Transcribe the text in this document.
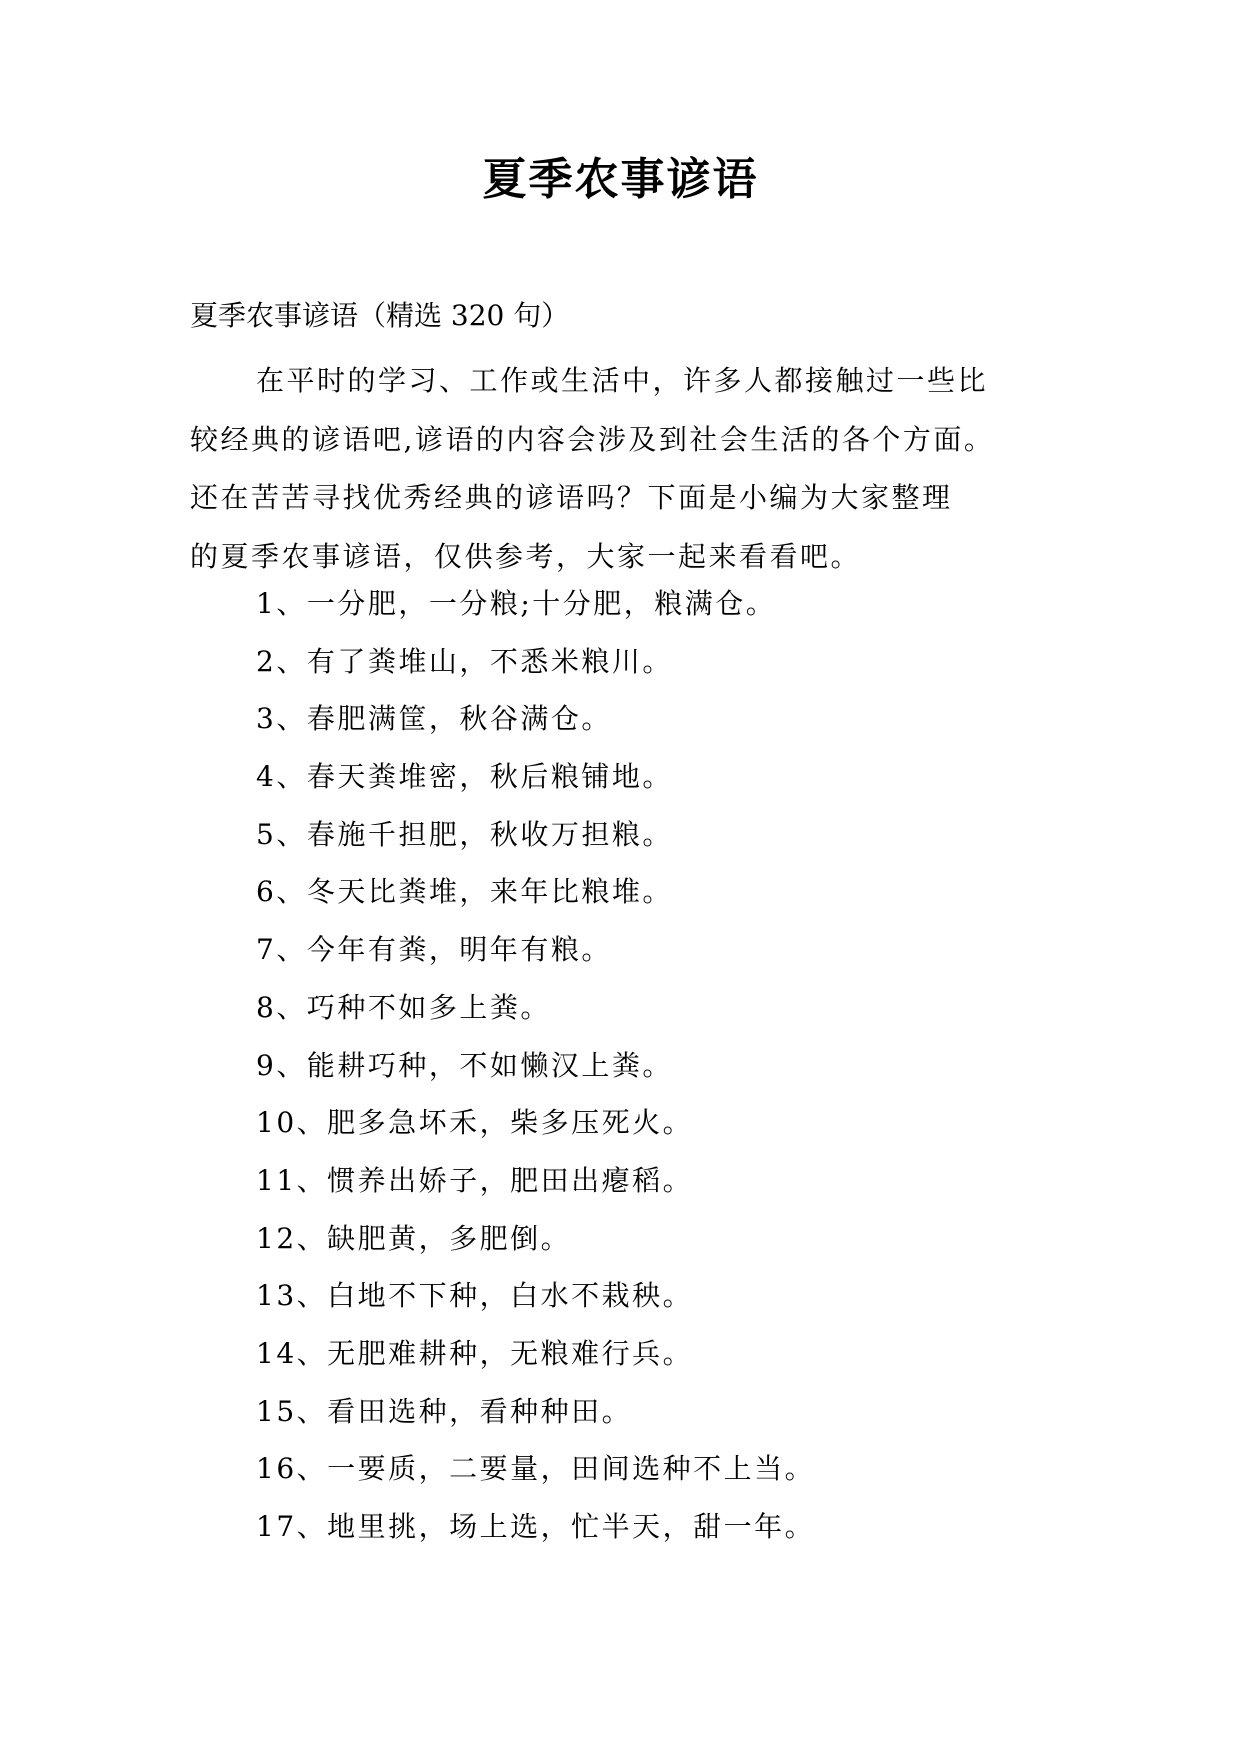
夏季农事谚语
夏季农事谚语（精选 320 句）
在平时的学习、工作或生活中，许多人都接触过一些比
较经典的谚语吧,谚语的内容会涉及到社会生活的各个方面。
还在苦苦寻找优秀经典的谚语吗？下面是小编为大家整理
的夏季农事谚语，仅供参考，大家一起来看看吧。
1、一分肥，一分粮;十分肥，粮满仓。
2、有了粪堆山，不悉米粮川。
3、春肥满筐，秋谷满仓。
4、春天粪堆密，秋后粮铺地。
5、春施千担肥，秋收万担粮。
6、冬天比粪堆，来年比粮堆。
7、今年有粪，明年有粮。
8、巧种不如多上粪。
9、能耕巧种，不如懒汉上粪。
10、肥多急坏禾，柴多压死火。
11、惯养出娇子，肥田出瘪稻。
12、缺肥黄，多肥倒。
13、白地不下种，白水不栽秧。
14、无肥难耕种，无粮难行兵。
15、看田选种，看种种田。
16、一要质，二要量，田间选种不上当。
17、地里挑，场上选，忙半天，甜一年。
